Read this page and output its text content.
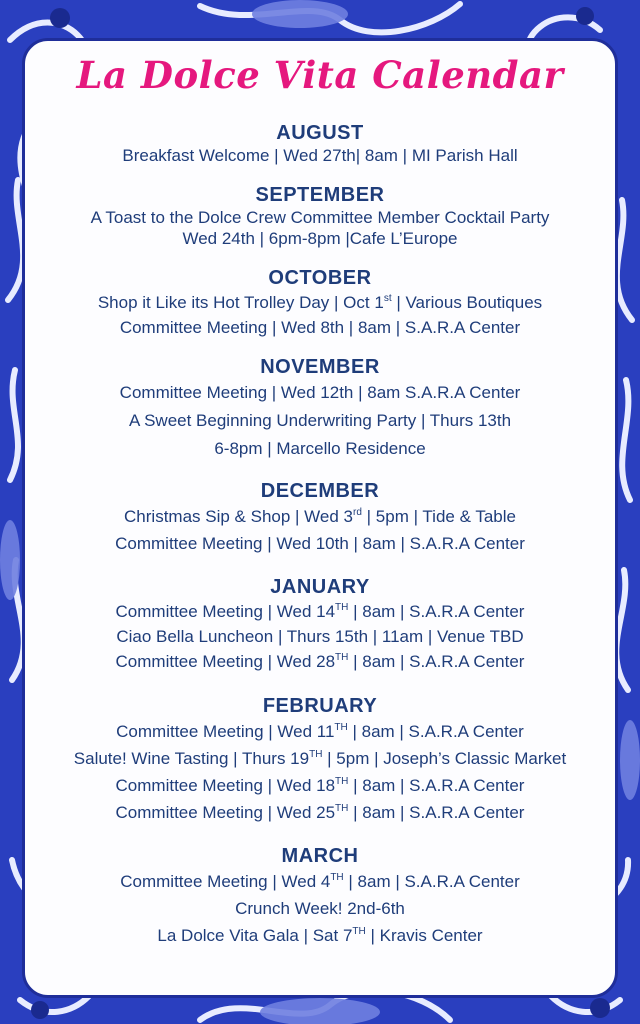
La Dolce Vita Calendar
AUGUST
Breakfast Welcome | Wed 27th| 8am | MI Parish Hall
SEPTEMBER
A Toast to the Dolce Crew Committee Member Cocktail Party
Wed 24th | 6pm-8pm |Cafe L’Europe
OCTOBER
Shop it Like its Hot Trolley Day | Oct 1st | Various Boutiques
Committee Meeting | Wed 8th | 8am | S.A.R.A Center
NOVEMBER
Committee Meeting | Wed 12th | 8am S.A.R.A Center
A Sweet Beginning Underwriting Party | Thurs 13th
6-8pm | Marcello Residence
DECEMBER
Christmas Sip & Shop | Wed 3rd | 5pm | Tide & Table
Committee Meeting | Wed 10th | 8am | S.A.R.A Center
JANUARY
Committee Meeting | Wed 14TH | 8am | S.A.R.A Center
Ciao Bella Luncheon | Thurs 15th | 11am | Venue TBD
Committee Meeting | Wed 28TH | 8am | S.A.R.A Center
FEBRUARY
Committee Meeting | Wed 11TH | 8am | S.A.R.A Center
Salute! Wine Tasting | Thurs 19TH | 5pm | Joseph’s Classic Market
Committee Meeting | Wed 18TH | 8am | S.A.R.A Center
Committee Meeting | Wed 25TH | 8am | S.A.R.A Center
MARCH
Committee Meeting | Wed 4TH | 8am | S.A.R.A Center
Crunch Week! 2nd-6th
La Dolce Vita Gala | Sat 7TH | Kravis Center
